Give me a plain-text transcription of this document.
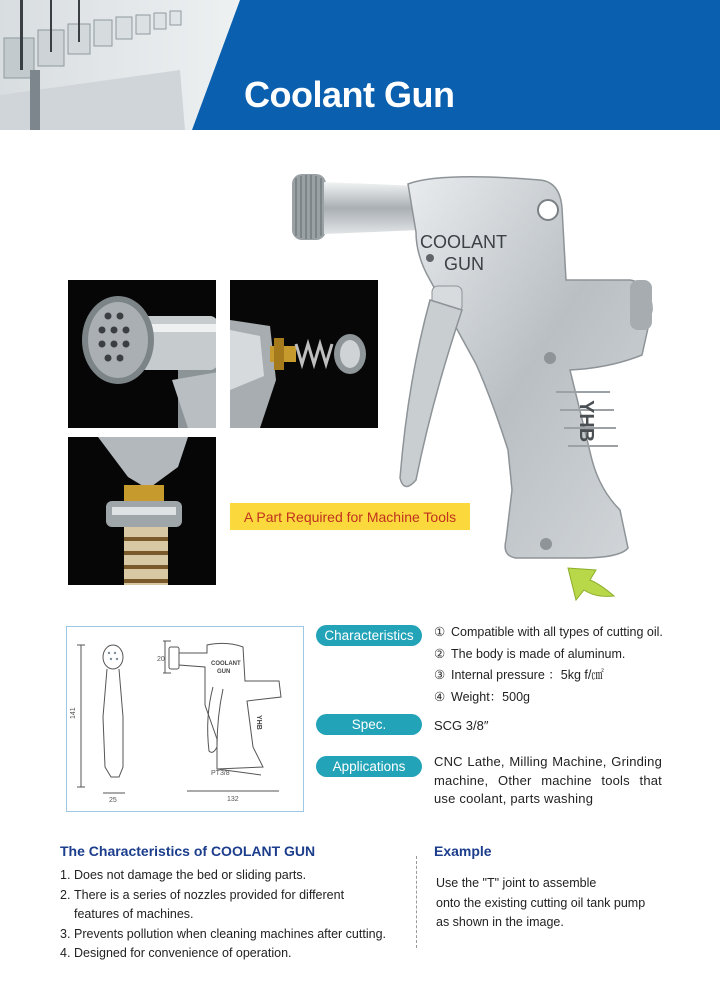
Coolant Gun
COOLANT
GUN
YHB
A Part Required for Machine Tools
141
25	132
20
PT3/8
COOLANT
GUN
YHB
Characteristics	① Compatible with all types of cutting oil.
② The body is made of aluminum.
③ Internal pressure ：5kg f/㎠
④ Weight：500g
Spec.	SCG 3/8″
Applications	CNC Lathe, Milling Machine, Grinding machine, Other machine tools that use coolant, parts washing
The Characteristics of COOLANT GUN
1. Does not damage the bed or sliding parts.
2. There is a series of nozzles provided for different features of machines.
3. Prevents pollution when cleaning machines after cutting.
4. Designed for convenience of operation.
Example
Use the "T" joint to assemble
onto the existing cutting oil tank pump
as shown in the image.
